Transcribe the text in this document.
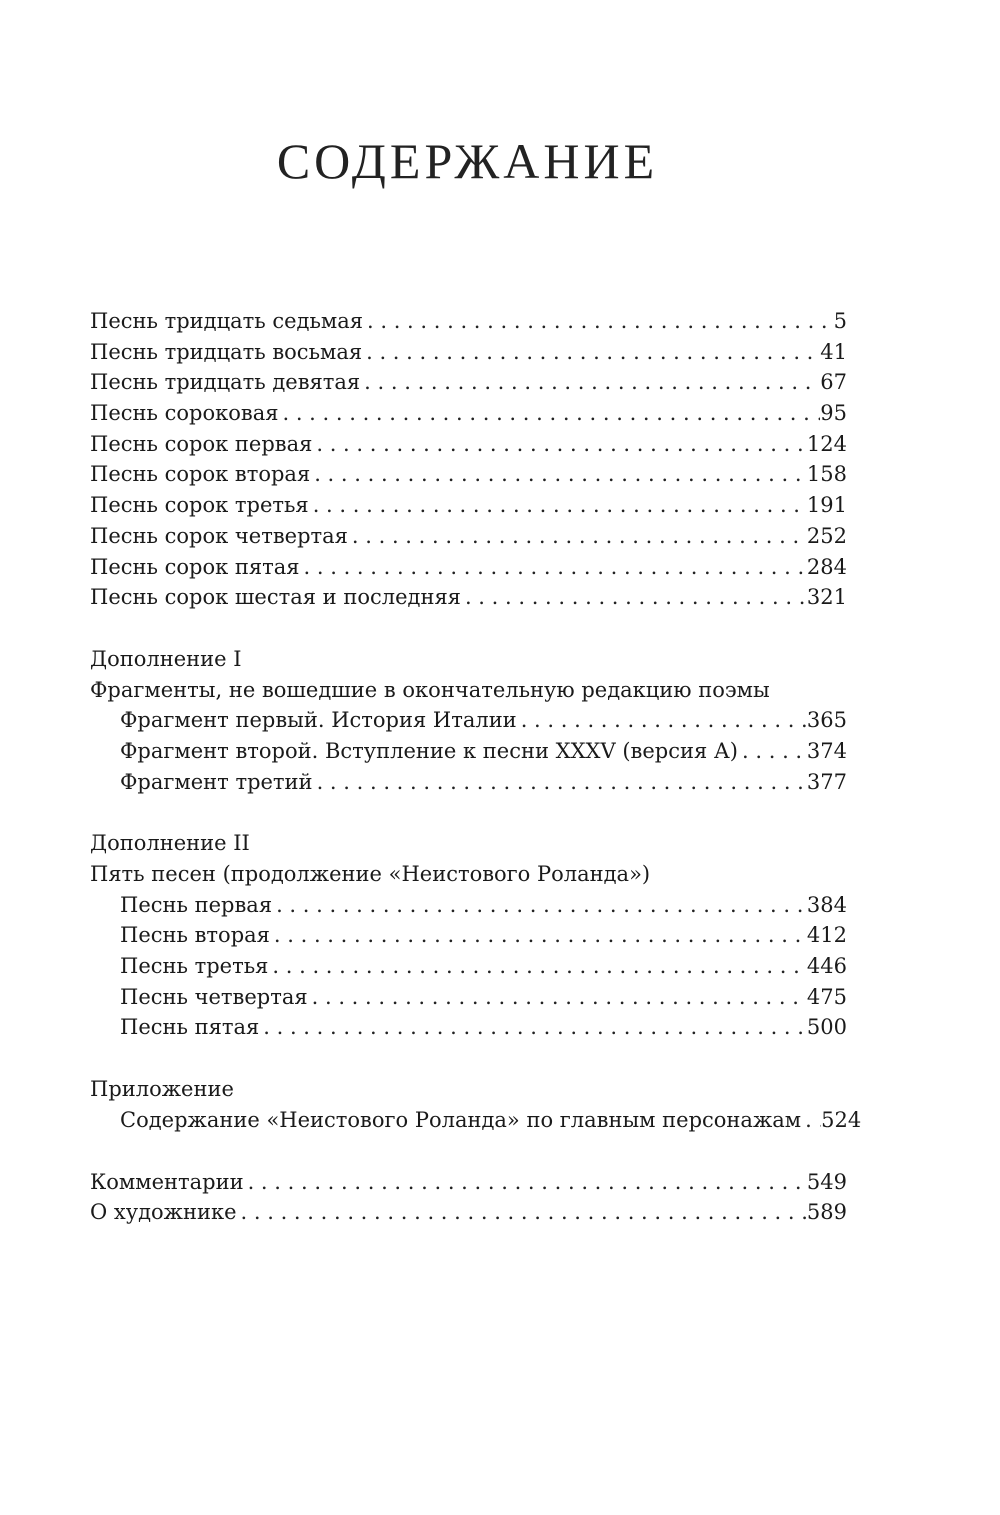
СОДЕРЖАНИЕ
Песнь тридцать седьмая . . .	5
Песнь тридцать восьмая . . .	41
Песнь тридцать девятая . . .	67
Песнь сороковая . . .	95
Песнь сорок первая . . .	124
Песнь сорок вторая . . .	158
Песнь сорок третья . . .	191
Песнь сорок четвертая . . .	252
Песнь сорок пятая . . .	284
Песнь сорок шестая и последняя . . .	321
Дополнение I
Фрагменты, не вошедшие в окончательную редакцию поэмы
Фрагмент первый. История Италии . . .	365
Фрагмент второй. Вступление к песни XXXV (версия А) . . .	374
Фрагмент третий . . .	377
Дополнение II
Пять песен (продолжение «Неистового Роланда»)
Песнь первая . . .	384
Песнь вторая . . .	412
Песнь третья . . .	446
Песнь четвертая . . .	475
Песнь пятая . . .	500
Приложение
Содержание «Неистового Роланда» по главным персонажам . . . 524
Комментарии . . .	549
О художнике . . .	589
